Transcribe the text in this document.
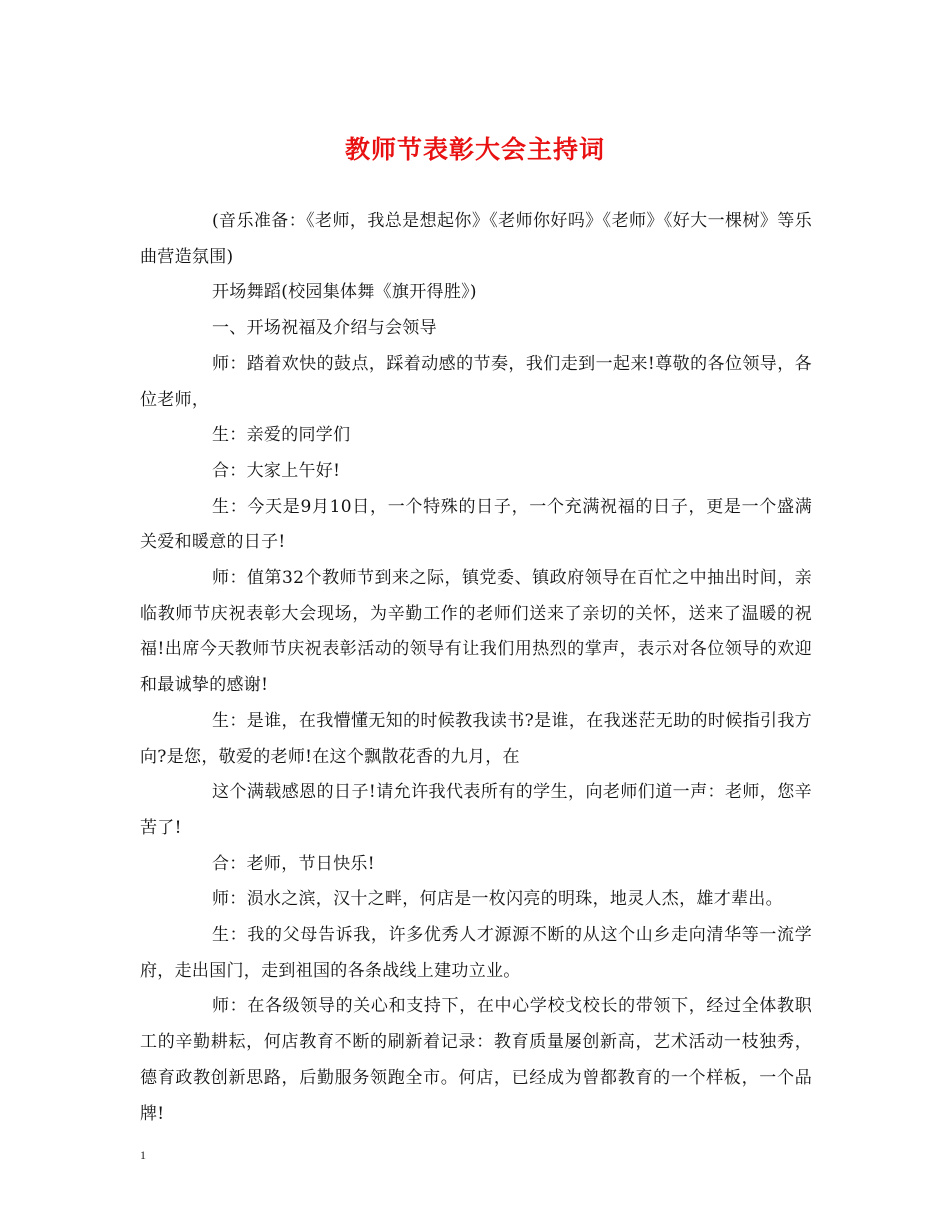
教师节表彰大会主持词

(音乐准备：《老师，我总是想起你》《老师你好吗》《老师》《好大一棵树》等乐曲营造氛围)

开场舞蹈(校园集体舞《旗开得胜》)

一、开场祝福及介绍与会领导

师：踏着欢快的鼓点，踩着动感的节奏，我们走到一起来!尊敬的各位领导，各位老师，

生：亲爱的同学们

合：大家上午好!

生：今天是9月10日，一个特殊的日子，一个充满祝福的日子，更是一个盛满关爱和暖意的日子!

师：值第32个教师节到来之际，镇党委、镇政府领导在百忙之中抽出时间，亲临教师节庆祝表彰大会现场，为辛勤工作的老师们送来了亲切的关怀，送来了温暖的祝福!出席今天教师节庆祝表彰活动的领导有让我们用热烈的掌声，表示对各位领导的欢迎和最诚挚的感谢!

生：是谁，在我懵懂无知的时候教我读书?是谁，在我迷茫无助的时候指引我方向?是您，敬爱的老师!在这个飘散花香的九月，在

这个满载感恩的日子!请允许我代表所有的学生，向老师们道一声：老师，您辛苦了!

合：老师，节日快乐!

师：涢水之滨，汉十之畔，何店是一枚闪亮的明珠，地灵人杰，雄才辈出。

生：我的父母告诉我，许多优秀人才源源不断的从这个山乡走向清华等一流学府，走出国门，走到祖国的各条战线上建功立业。

师：在各级领导的关心和支持下，在中心学校戈校长的带领下，经过全体教职工的辛勤耕耘，何店教育不断的刷新着记录：教育质量屡创新高，艺术活动一枝独秀，德育政教创新思路，后勤服务领跑全市。何店，已经成为曾都教育的一个样板，一个品牌!

1
